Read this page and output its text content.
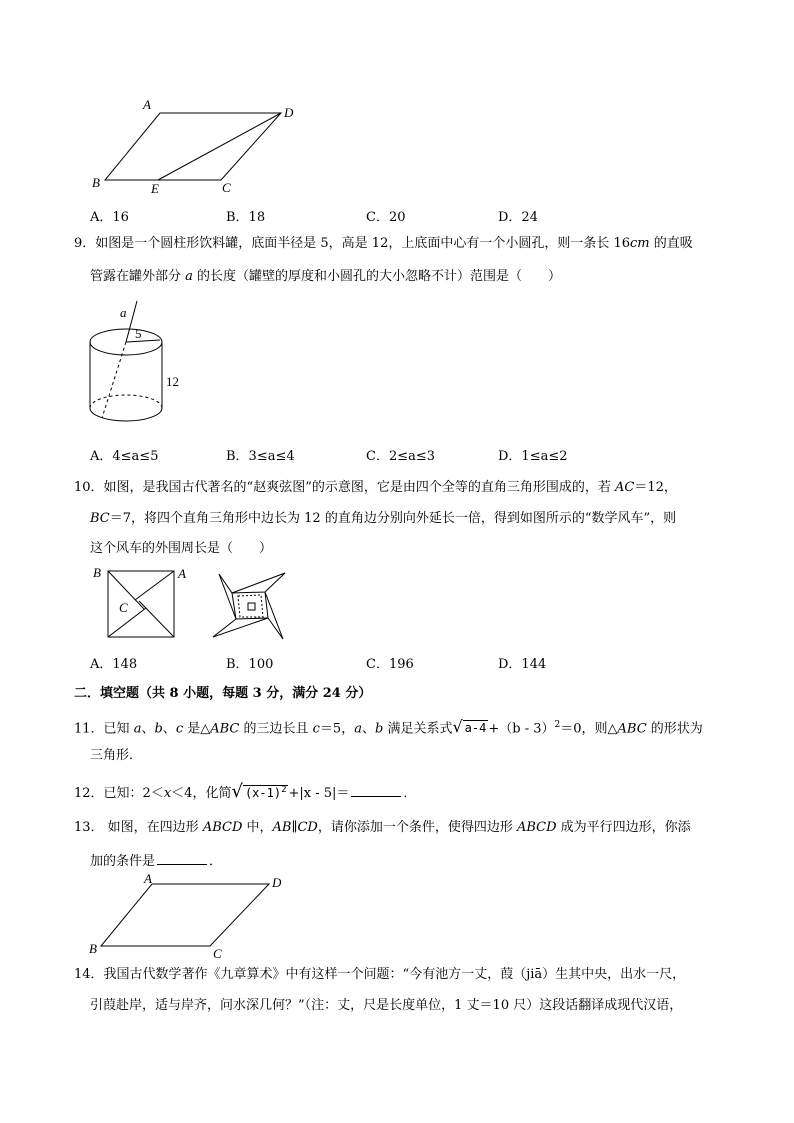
A
D
B	E	C
A．16	B．18	C．20	D．24
9．如图是一个圆柱形饮料罐，底面半径是 5，高是 12，上底面中心有一个小圆孔，则一条长 16cm 的直吸
管露在罐外部分 a 的长度（罐壁的厚度和小圆孔的大小忽略不计）范围是（　　）
a
5
12
A．4≤a≤5	B．3≤a≤4	C．2≤a≤3	D．1≤a≤2
10．如图，是我国古代著名的“赵爽弦图”的示意图，它是由四个全等的直角三角形围成的，若 AC＝12，
BC＝7，将四个直角三角形中边长为 12 的直角边分别向外延长一倍，得到如图所示的“数学风车”，则
这个风车的外围周长是（　　）
B	A
C
A．148	B．100	C．196	D．144
二．填空题（共 8 小题，每题 3 分，满分 24 分）
11．已知 a、b、c 是△ABC 的三边长且 c＝5，a、b 满足关系式√ a-4 +（b - 3）$^2$＝0，则△ABC 的形状为
三角形．
12．已知：2＜x＜4，化简√ $(x-1)^2 +|x - 5|=$	．
13． 如图，在四边形 ABCD 中，AB∥CD，请你添加一个条件，使得四边形 ABCD 成为平行四边形，你添
加的条件是	．
A	D
B	C
14．我国古代数学著作《九章算术》中有这样一个问题：“今有池方一丈，葭（jiā）生其中央，出水一尺，
引葭赴岸，适与岸齐，问水深几何？”（注：丈，尺是长度单位，1 丈＝10 尺）这段话翻译成现代汉语，
